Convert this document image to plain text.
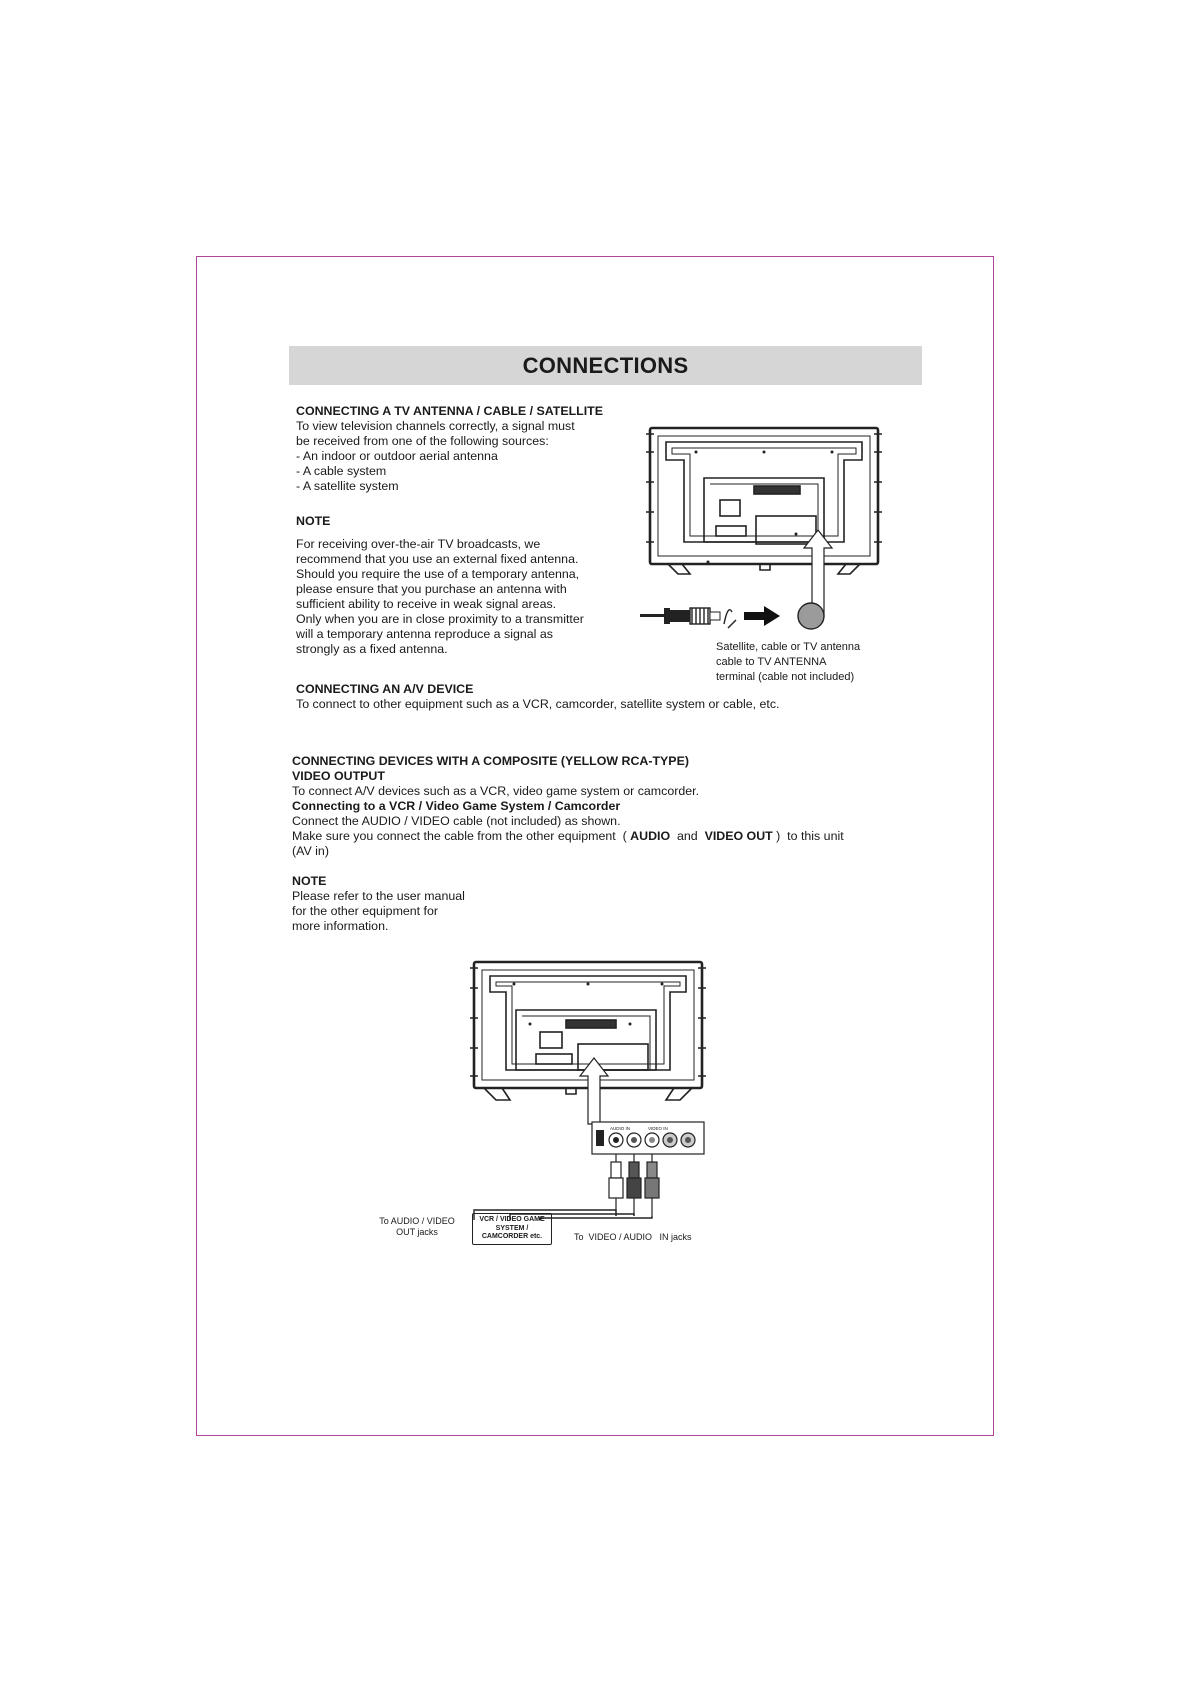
CONNECTIONS
CONNECTING A TV ANTENNA / CABLE / SATELLITE
To view television channels correctly, a signal must
be received from one of the following sources:
- An indoor or outdoor aerial antenna
- A cable system
- A satellite system
NOTE
For receiving over-the-air TV broadcasts, we
recommend that you use an external fixed antenna.
Should you require the use of a temporary antenna,
please ensure that you purchase an antenna with
sufficient ability to receive in weak signal areas.
Only when you are in close proximity to a transmitter
will a temporary antenna reproduce a signal as
strongly as a fixed antenna.	Satellite, cable or TV antenna
cable to TV ANTENNA
terminal (cable not included)
CONNECTING AN A/V DEVICE
To connect to other equipment such as a VCR, camcorder, satellite system or cable, etc.
CONNECTING DEVICES WITH A COMPOSITE (YELLOW RCA-TYPE)
VIDEO OUTPUT
To connect A/V devices such as a VCR, video game system or camcorder.
Connecting to a VCR / Video Game System / Camcorder
Connect the AUDIO / VIDEO cable (not included) as shown.
Make sure you connect the cable from the other equipment  ( AUDIO  and  VIDEO OUT )  to this unit
(AV in)
NOTE
Please refer to the user manual
for the other equipment for
more information.
AUDIO IN	VIDEO IN
VCR / VIDEO GAME
SYSTEM /
CAMCORDER etc.
To AUDIO / VIDEO
OUT jacks	To  VIDEO / AUDIO   IN jacks
